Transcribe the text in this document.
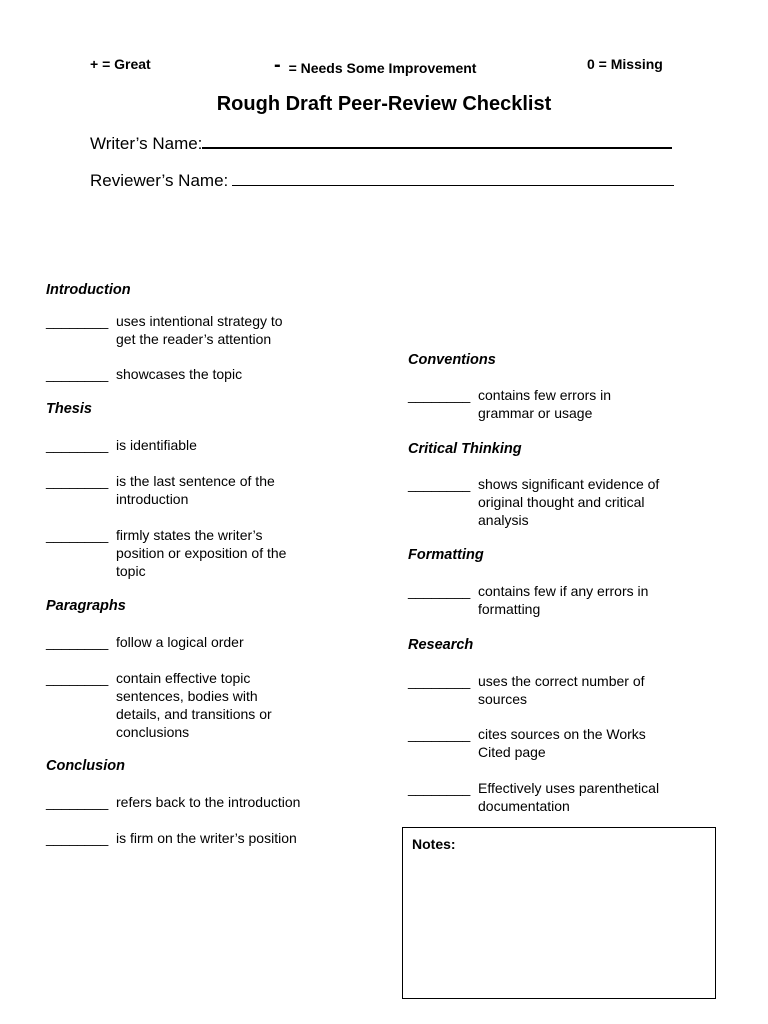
+ = Great	- = Needs Some Improvement	0 = Missing
Rough Draft Peer-Review Checklist
Writer’s Name:
Reviewer’s Name:
Introduction
________ uses intentional strategy to
get the reader’s attention
________ showcases the topic
Thesis
________ is identifiable
________ is the last sentence of the
introduction
________ firmly states the writer’s
position or exposition of the
topic
Paragraphs
________ follow a logical order
________ contain effective topic
sentences, bodies with
details, and transitions or
conclusions
Conclusion
________ refers back to the introduction
________ is firm on the writer’s position
Conventions
________ contains few errors in
grammar or usage
Critical Thinking
________ shows significant evidence of
original thought and critical
analysis
Formatting
________ contains few if any errors in
formatting
Research
________ uses the correct number of
sources
________ cites sources on the Works
Cited page
________ Effectively uses parenthetical
documentation
Notes:
